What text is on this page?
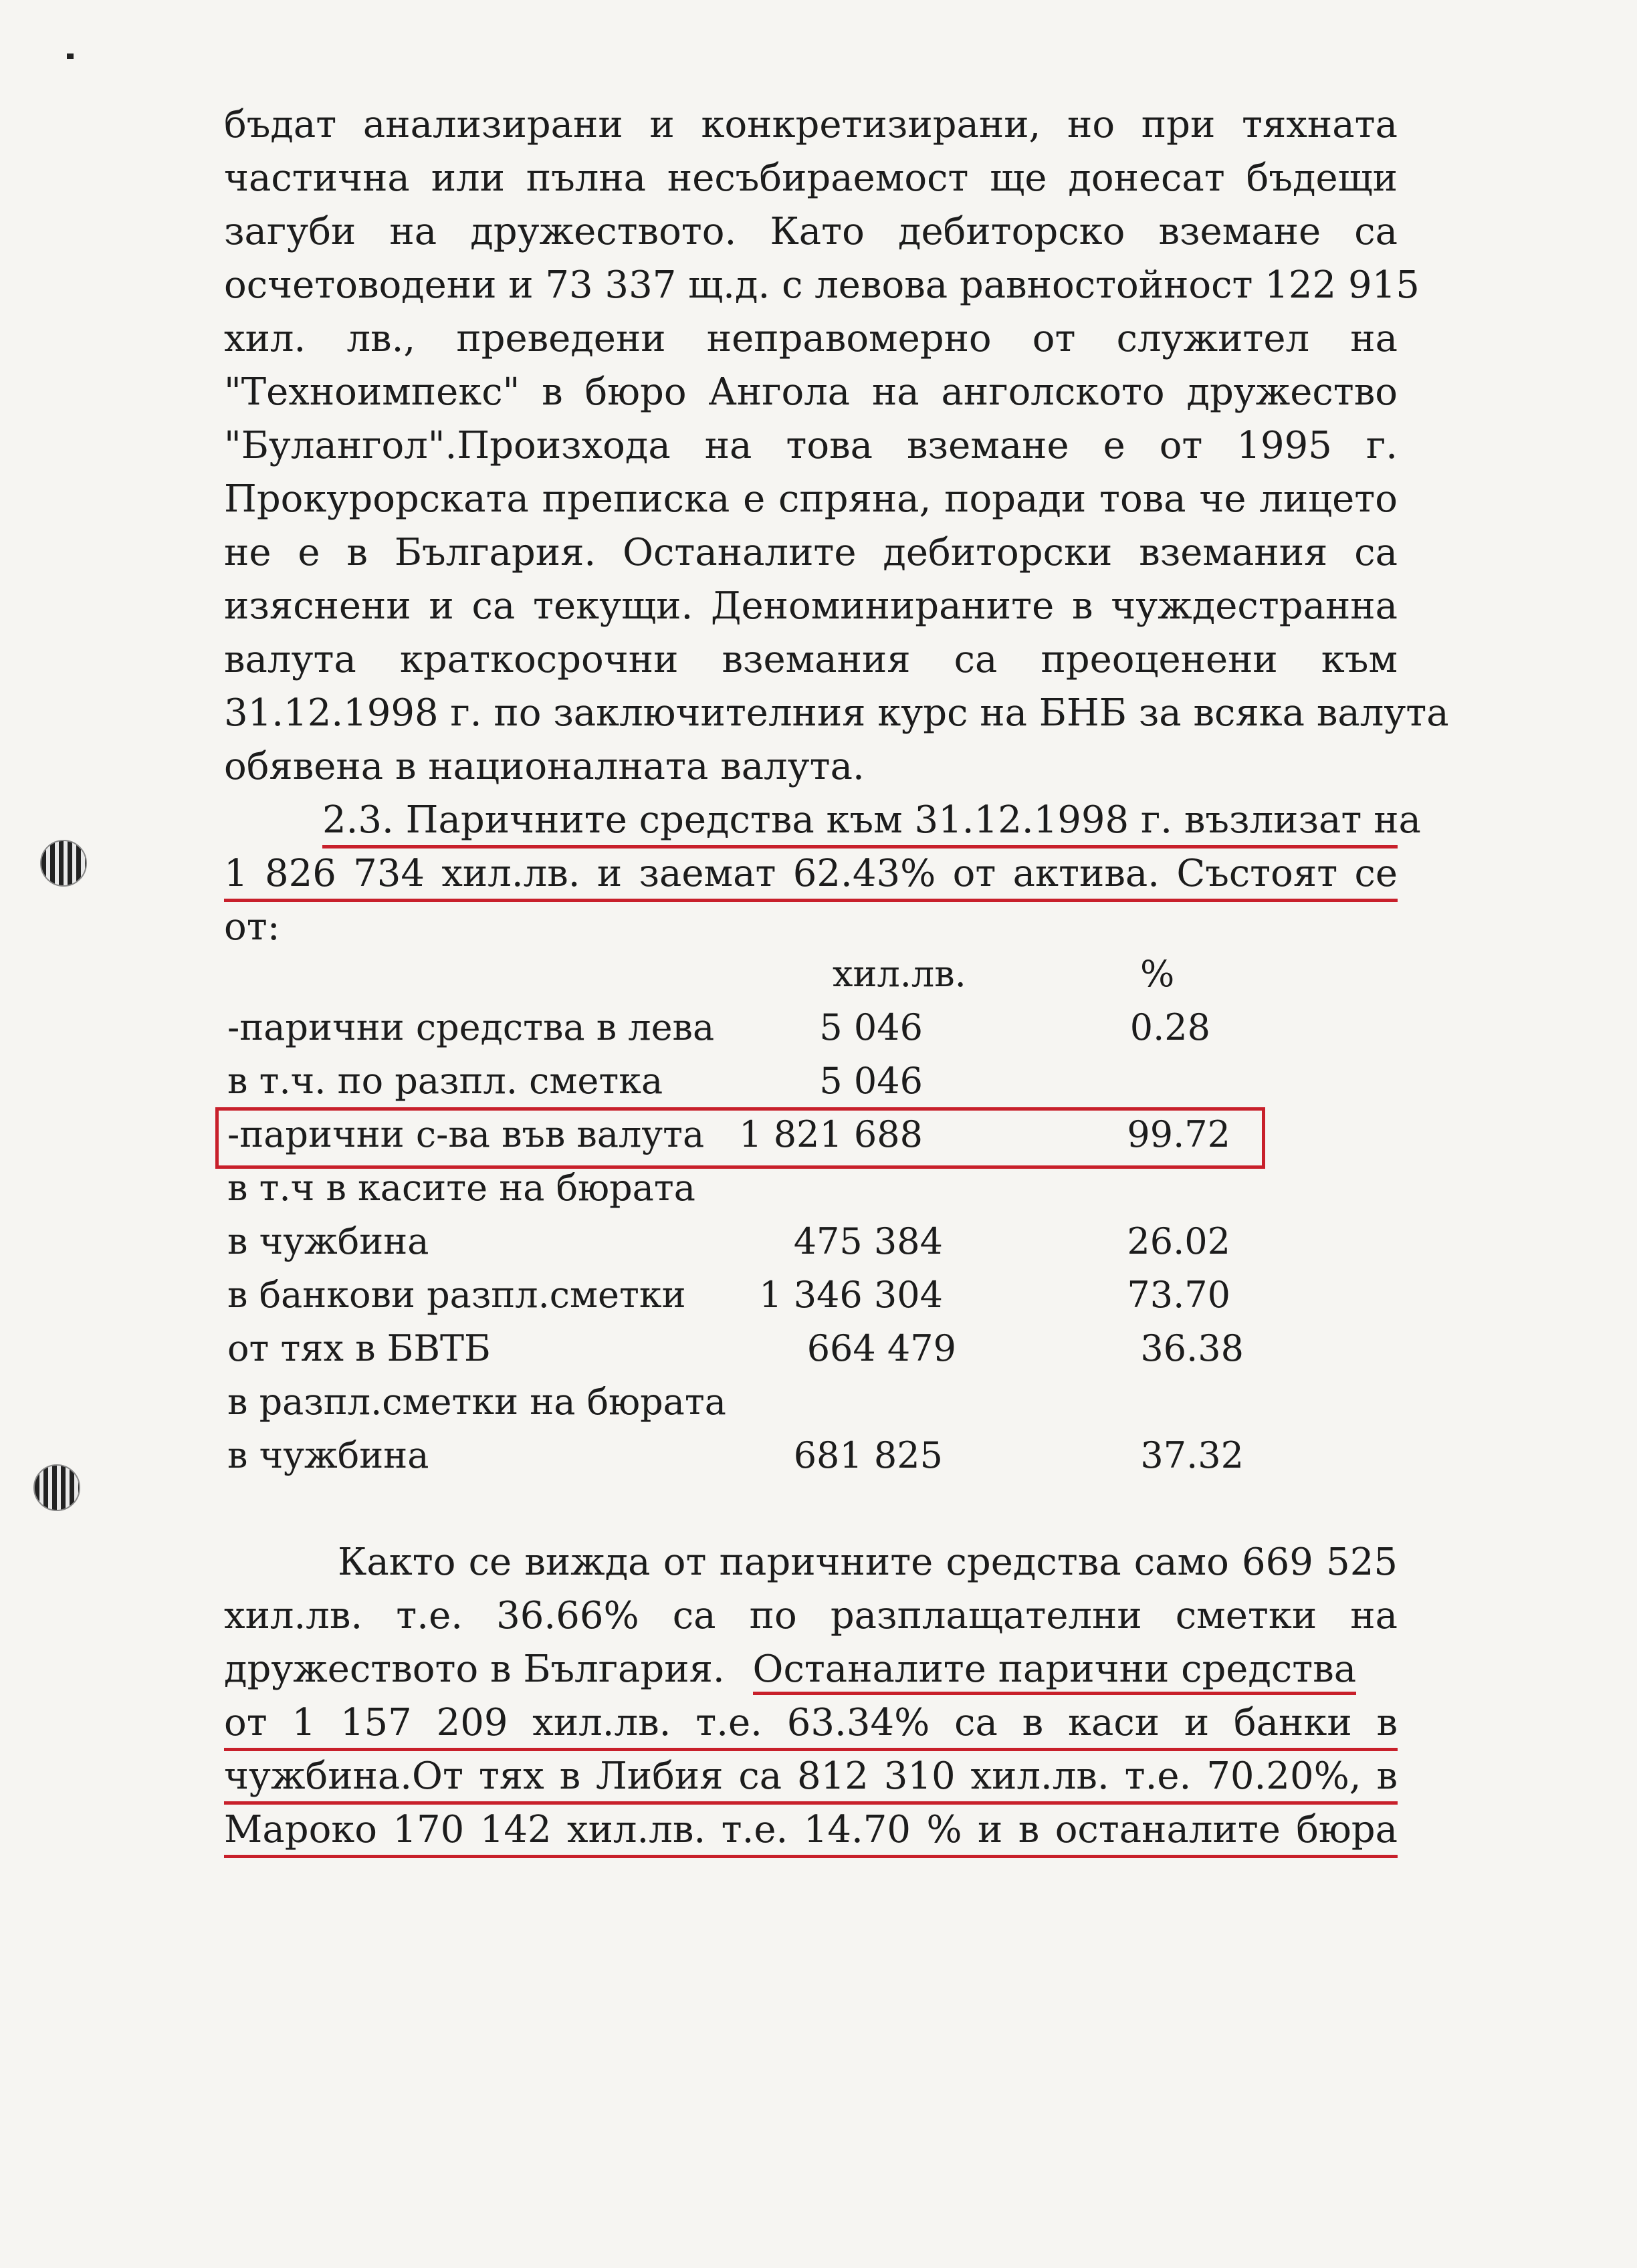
бъдат анализирани и конкретизирани, но при тяхната
частична или пълна несъбираемост ще донесат бъдещи
загуби на дружеството. Като дебиторско вземане са
осчетоводени и 73 337 щ.д. с левова равностойност 122 915
хил. лв., преведени неправомерно от служител на
"Техноимпекс" в бюро Ангола на анголското дружество
"Булангол".Произхода на това вземане е от 1995 г.
Прокурорската преписка е спряна, поради това че лицето
не е в България. Останалите дебиторски вземания са
изяснени и са текущи. Деноминираните в чуждестранна
валута краткосрочни вземания са преоценени към
31.12.1998 г. по заключителния курс на БНБ за всяка валута
обявена в националната валута.
2.3. Паричните средства към 31.12.1998 г. възлизат на
1 826 734 хил.лв. и заемат 62.43% от актива. Състоят се
от:
хил.лв.	%
-парични средства в лева	5 046	0.28
в т.ч. по разпл. сметка	5 046
-парични с-ва във валута 1 821 688	99.72
в т.ч в касите на бюрата
в чужбина	475 384	26.02
в банкови разпл.сметки	1 346 304	73.70
от тях в БВТБ	664 479	36.38
в разпл.сметки на бюрата
в чужбина	681 825	37.32
Както се вижда от паричните средства само 669 525
хил.лв. т.е. 36.66% са по разплащателни сметки на
дружеството в България. Останалите парични средства
от 1 157 209 хил.лв. т.е. 63.34% са в каси и банки в
чужбина.От тях в Либия са 812 310 хил.лв. т.е. 70.20%, в
Мароко 170 142 хил.лв. т.е. 14.70 % и в останалите бюра
